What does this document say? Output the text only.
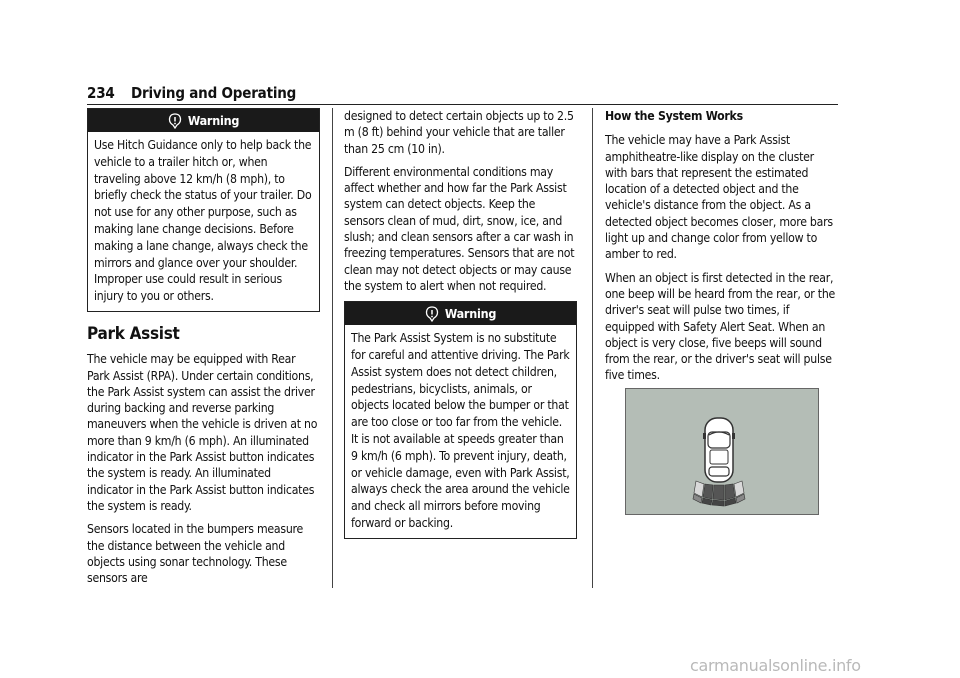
234 Driving and Operating
Warning
Use Hitch Guidance only to help back the vehicle to a trailer hitch or, when traveling above 12 km/h (8 mph), to briefly check the status of your trailer. Do not use for any other purpose, such as making lane change decisions. Before making a lane change, always check the mirrors and glance over your shoulder. Improper use could result in serious injury to you or others.
Park Assist

The vehicle may be equipped with Rear Park Assist (RPA). Under certain conditions, the Park Assist system can assist the driver during backing and reverse parking maneuvers when the vehicle is driven at no more than 9 km/h (6 mph). An illuminated indicator in the Park Assist button indicates the system is ready. An illuminated indicator in the Park Assist button indicates the system is ready.

Sensors located in the bumpers measure the distance between the vehicle and objects using sonar technology. These sensors are

designed to detect certain objects up to 2.5 m (8 ft) behind your vehicle that are taller than 25 cm (10 in).

Different environmental conditions may affect whether and how far the Park Assist system can detect objects. Keep the sensors clean of mud, dirt, snow, ice, and slush; and clean sensors after a car wash in freezing temperatures. Sensors that are not clean may not detect objects or may cause the system to alert when not required.

Warning
The Park Assist System is no substitute for careful and attentive driving. The Park Assist system does not detect children, pedestrians, bicyclists, animals, or objects located below the bumper or that are too close or too far from the vehicle. It is not available at speeds greater than 9 km/h (6 mph). To prevent injury, death, or vehicle damage, even with Park Assist, always check the area around the vehicle and check all mirrors before moving forward or backing.

How the System Works

The vehicle may have a Park Assist amphitheatre-like display on the cluster with bars that represent the estimated location of a detected object and the vehicle's distance from the object. As a detected object becomes closer, more bars light up and change color from yellow to amber to red.

When an object is first detected in the rear, one beep will be heard from the rear, or the driver's seat will pulse two times, if equipped with Safety Alert Seat. When an object is very close, five beeps will sound from the rear, or the driver's seat will pulse five times.

carmanualsonline.info
